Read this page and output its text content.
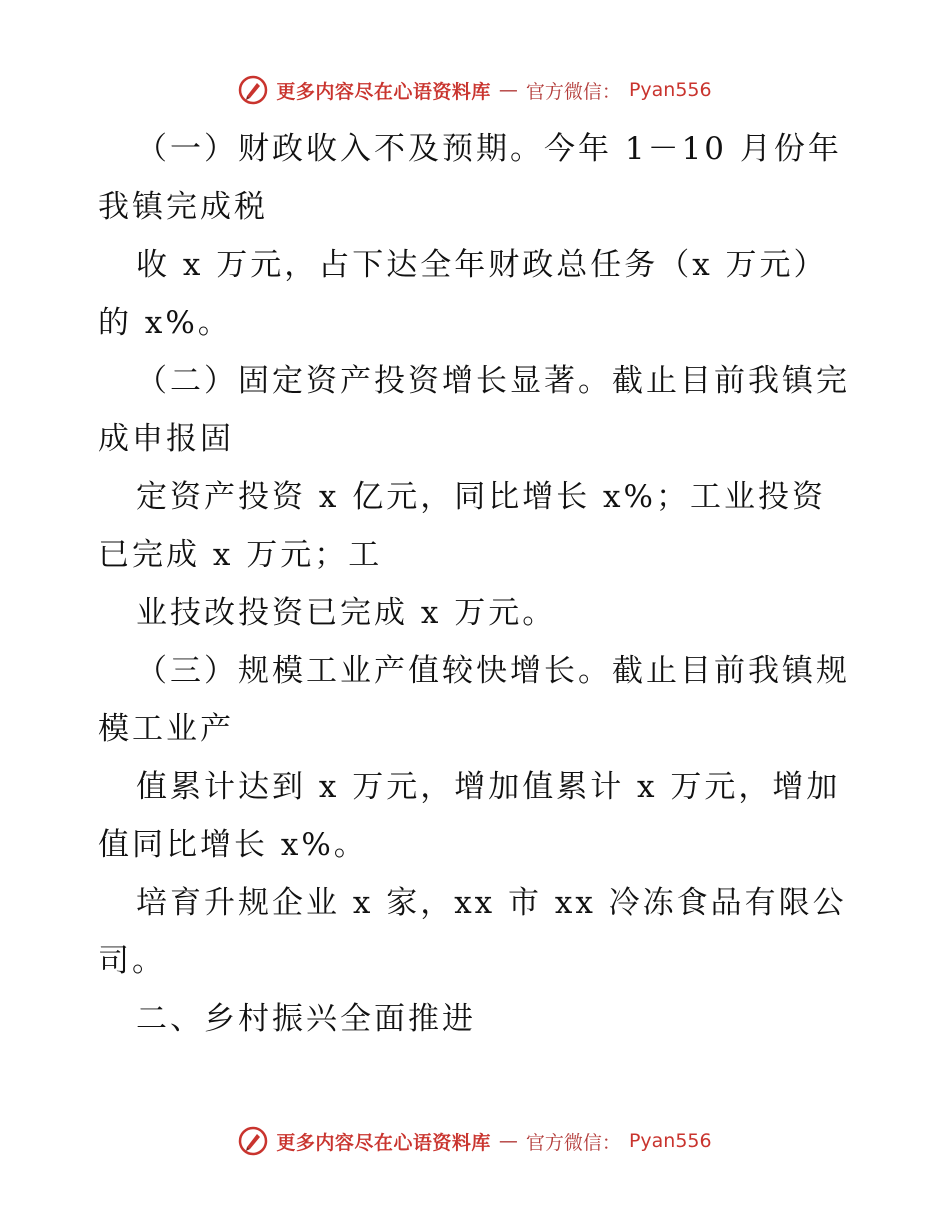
更多内容尽在心语资料库 — 官方微信： Pyan556
（一）财政收入不及预期。今年 1－10 月份年
我镇完成税
收 x 万元，占下达全年财政总任务（x 万元）
的 x%。
（二）固定资产投资增长显著。截止目前我镇完
成申报固
定资产投资 x 亿元，同比增长 x%；工业投资
已完成 x 万元；工
业技改投资已完成 x 万元。
（三）规模工业产值较快增长。截止目前我镇规
模工业产
值累计达到 x 万元，增加值累计 x 万元，增加
值同比增长 x%。
培育升规企业 x 家，xx 市 xx 冷冻食品有限公
司。
二、乡村振兴全面推进
更多内容尽在心语资料库 — 官方微信： Pyan556
